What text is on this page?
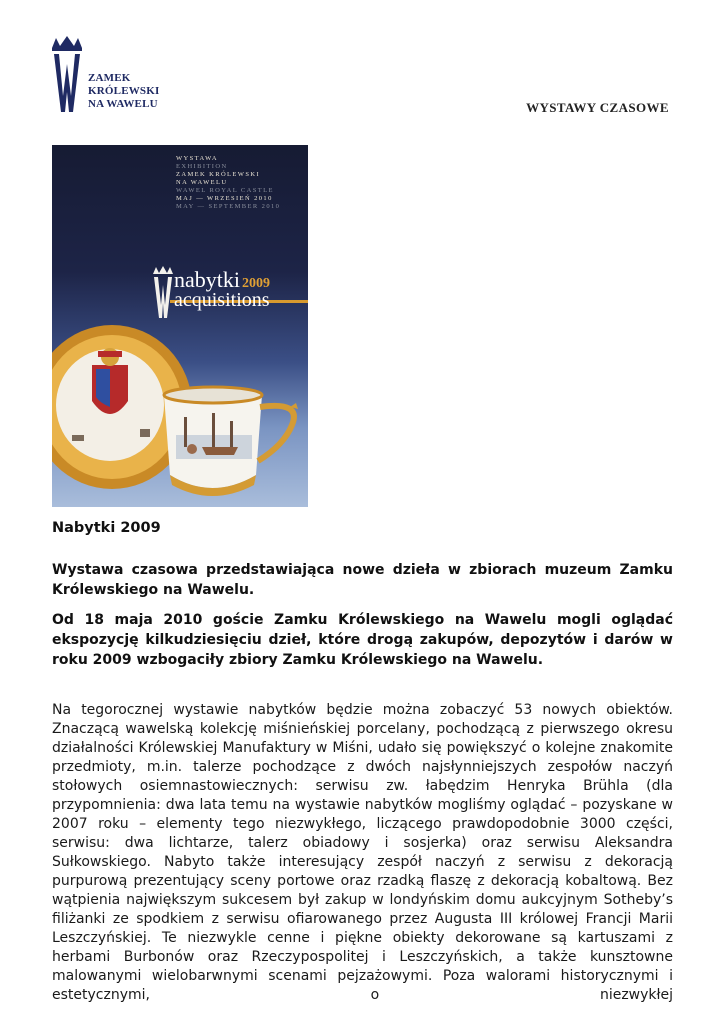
ZAMEK
KRÓLEWSKI
NA WAWELU	WYSTAWY CZASOWE
WYSTAWA
EXHIBITION
ZAMEK KRÓLEWSKI
NA WAWELU
WAWEL ROYAL CASTLE
MAJ — WRZESIEŃ 2010
MAY — SEPTEMBER 2010
nabytki 2009
acquisitions
Nabytki 2009
Wystawa czasowa przedstawiająca nowe dzieła w zbiorach muzeum Zamku Królewskiego na Wawelu.
Od 18 maja 2010 goście Zamku Królewskiego na Wawelu mogli oglądać ekspozycję kilkudziesięciu dzieł, które drogą zakupów, depozytów i darów w roku 2009 wzbogaciły zbiory Zamku Królewskiego na Wawelu.
Na tegorocznej wystawie nabytków będzie można zobaczyć 53 nowych obiektów. Znaczącą wawelską kolekcję miśnieńskiej porcelany, pochodzącą z pierwszego okresu działalności Królewskiej Manufaktury w Miśni, udało się powiększyć o kolejne znakomite przedmioty, m.in. talerze pochodzące z dwóch najsłynniejszych zespołów naczyń stołowych osiemnastowiecznych: serwisu zw. łabędzim Henryka Brühla (dla przypomnienia: dwa lata temu na wystawie nabytków mogliśmy oglądać – pozyskane w 2007 roku – elementy tego niezwykłego, liczącego prawdopodobnie 3000 części, serwisu: dwa lichtarze, talerz obiadowy i sosjerka) oraz serwisu Aleksandra Sułkowskiego. Nabyto także interesujący zespół naczyń z serwisu z dekoracją purpurową prezentujący sceny portowe oraz rzadką flaszę z dekoracją kobaltową. Bez wątpienia największym sukcesem był zakup w londyńskim domu aukcyjnym Sotheby’s filiżanki ze spodkiem z serwisu ofiarowanego przez Augusta III królowej Francji Marii Leszczyńskiej. Te niezwykle cenne i piękne obiekty dekorowane są kartuszami z herbami Burbonów oraz Rzeczypospolitej i Leszczyńskich, a także kunsztowne malowanymi wielobarwnymi scenami pejzażowymi. Poza walorami historycznymi i estetycznymi, o niezwykłej
